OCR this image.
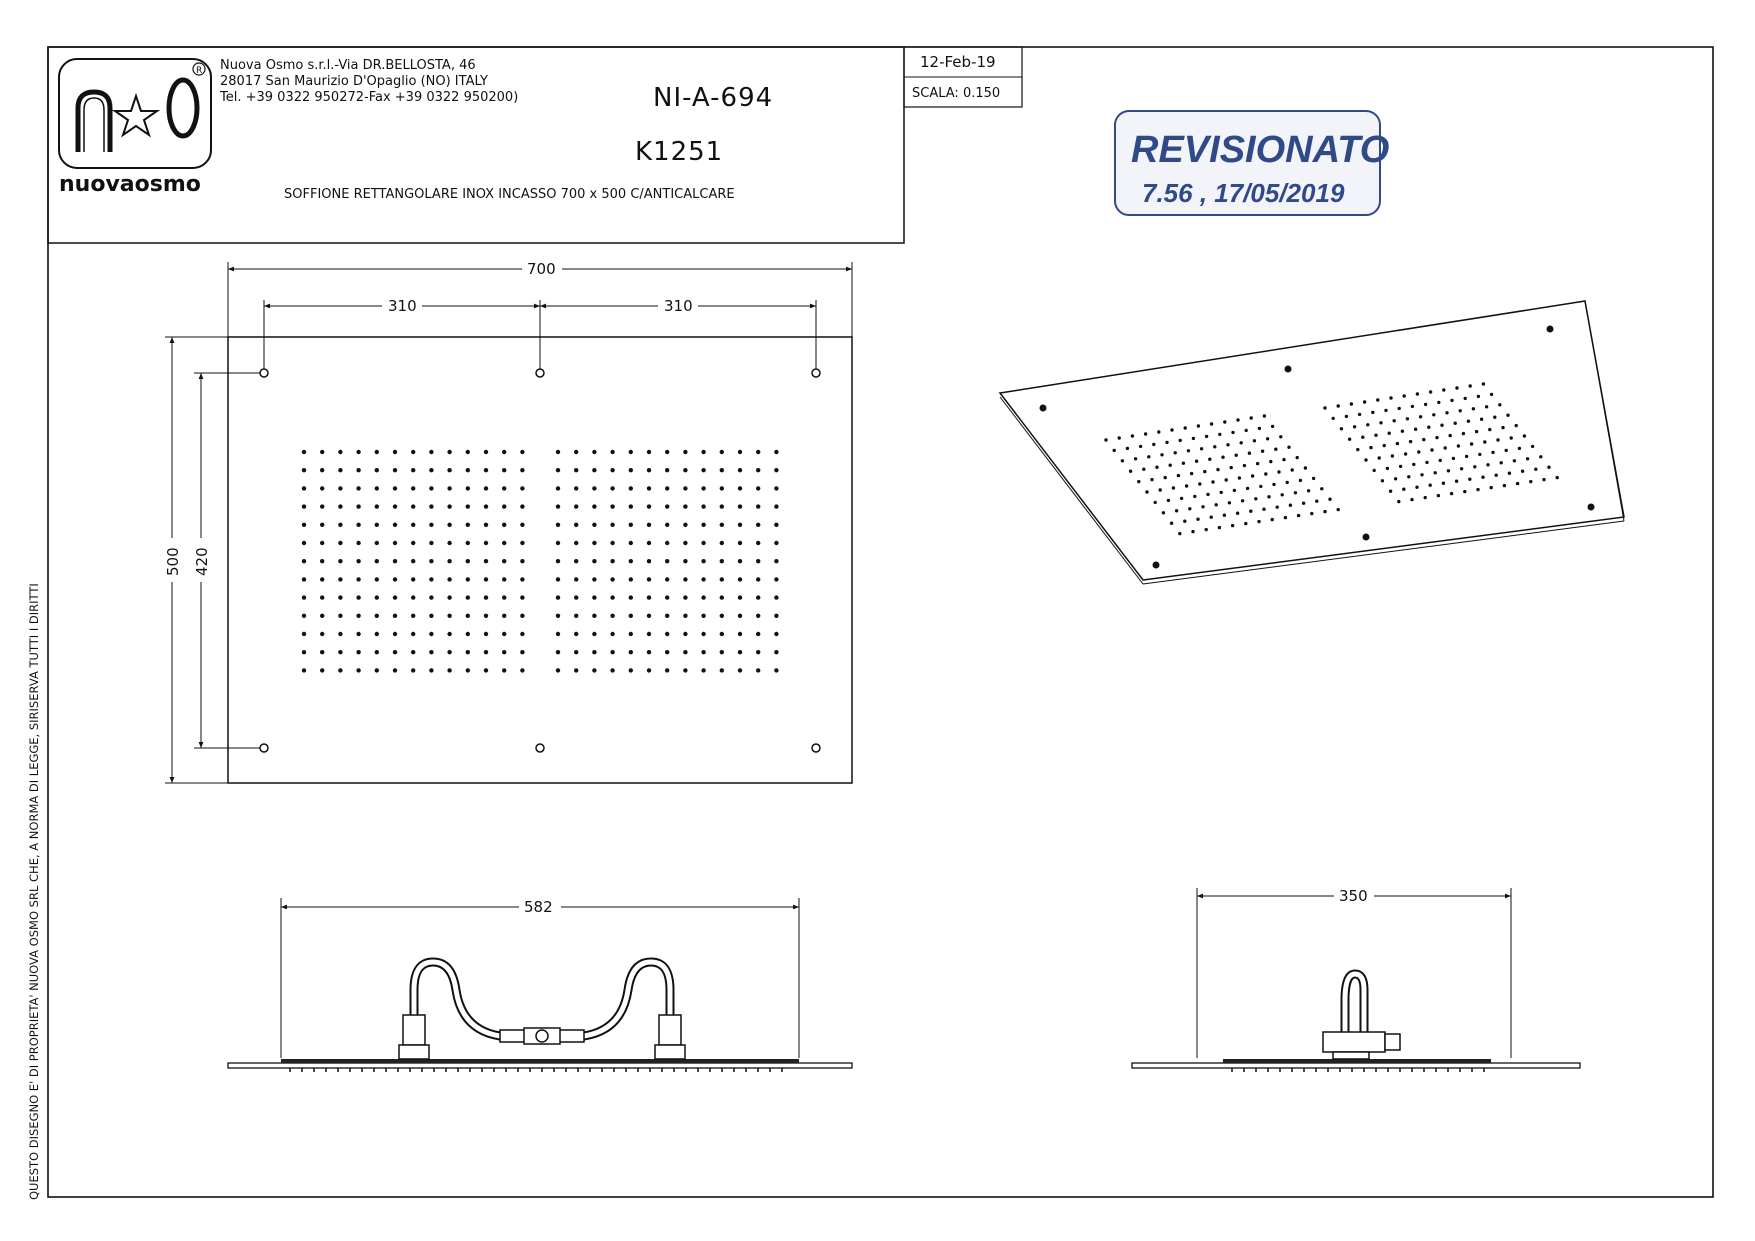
R
nuovaosmo
Nuova Osmo s.r.l.-Via DR.BELLOSTA, 46
28017 San Maurizio D'Opaglio (NO) ITALY
Tel. +39 0322 950272-Fax +39 0322 950200)	NI-A-694
K1251
SOFFIONE RETTANGOLARE INOX INCASSO 700 x 500 C/ANTICALCARE
12-Feb-19
SCALA: 0.150
REVISIONATO
7.56 , 17/05/2019
QUESTO DISEGNO E' DI PROPRIETA' NUOVA OSMO SRL CHE, A NORMA DI LEGGE, SIRISERVA TUTTI I DIRITTI
700
310	310
500 420
582
350
